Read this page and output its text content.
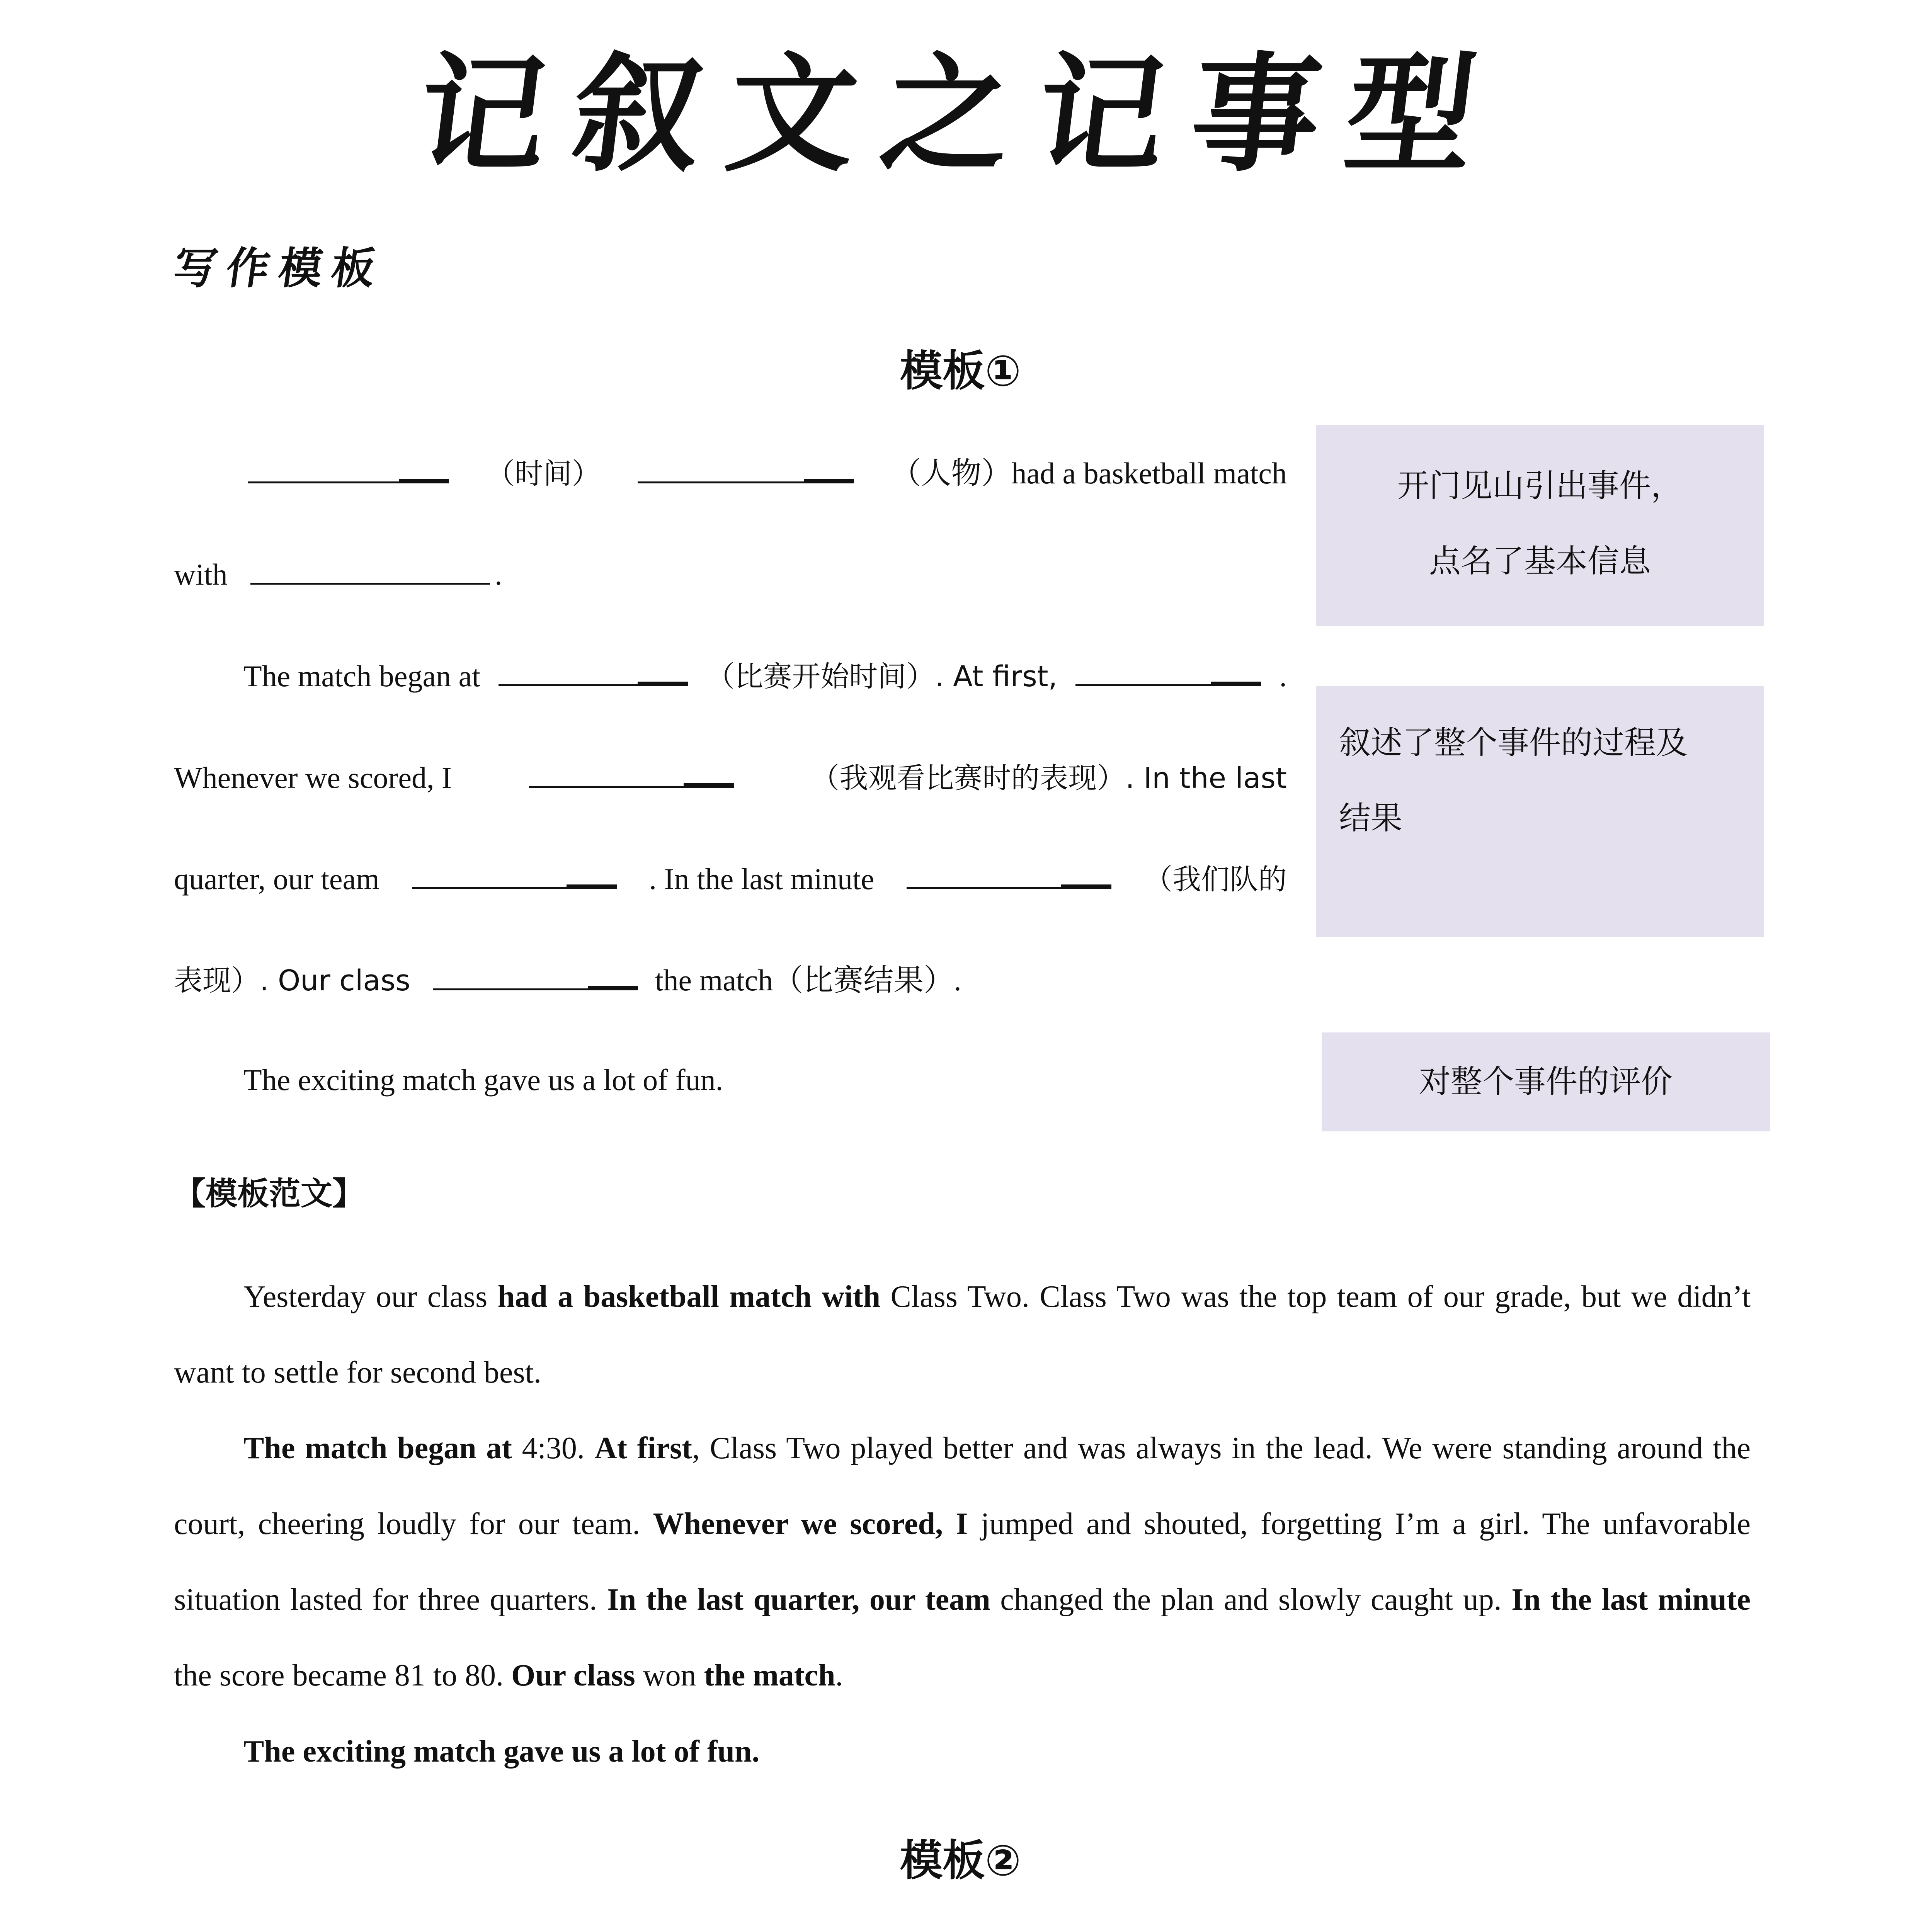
记叙文之记事型
写作模板
模板①
（时间）	（人物）had a basketball match
with	.
The match began at	（比赛开始时间）. At first,	.
Whenever we scored, I	（我观看比赛时的表现）. In the last
quarter, our team	. In the last minute	（我们队的
表现）. Our class	the match（比赛结果）.
The exciting match gave us a lot of fun.
开门见山引出事件，
点名了基本信息
叙述了整个事件的过程及
结果
对整个事件的评价
【模板范文】
Yesterday our class had a basketball match with Class Two. Class Two was the top team of our grade, but we didn’t want to settle for second best.
The match began at 4:30. At first, Class Two played better and was always in the lead. We were standing around the court, cheering loudly for our team. Whenever we scored, I jumped and shouted, forgetting I’m a girl. The unfavorable situation lasted for three quarters. In the last quarter, our team changed the plan and slowly caught up. In the last minute the score became 81 to 80. Our class won the match.
The exciting match gave us a lot of fun.
模板②
